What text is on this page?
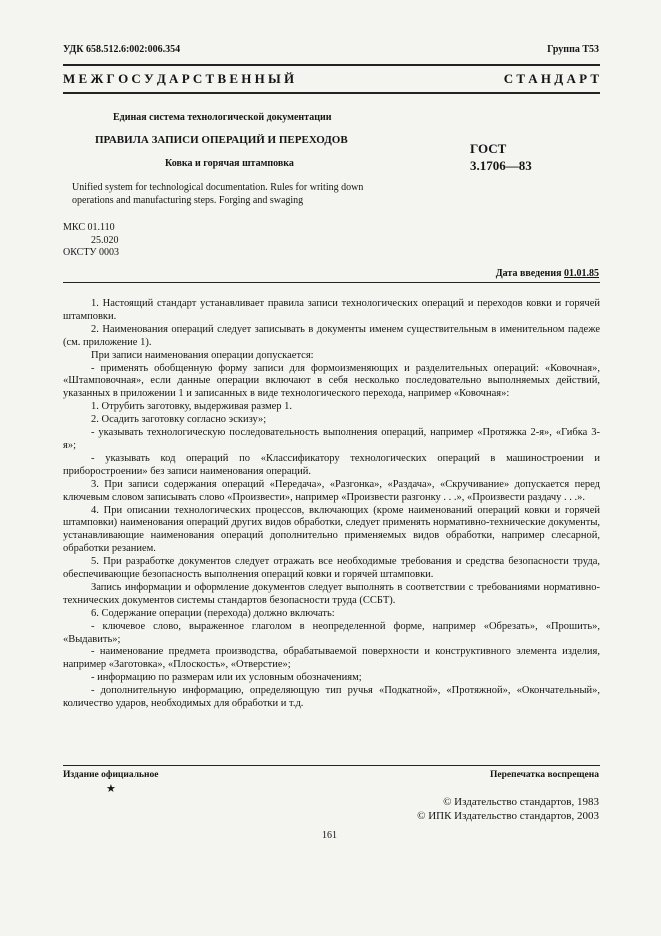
УДК 658.512.6:002:006.354	Группа Т53
М Е Ж Г О С У Д А Р С Т В Е Н Н Ы Й	С Т А Н Д А Р Т
Единая система технологической документации
ПРАВИЛА ЗАПИСИ ОПЕРАЦИЙ И ПЕРЕХОДОВ
ГОСТ
3.1706—83
Ковка и горячая штамповка
Unified system for technological documentation. Rules for writing down
operations and manufacturing steps. Forging and swaging
МКС 01.110
25.020
ОКСТУ 0003
Дата введения 01.01.85

1. Настоящий стандарт устанавливает правила записи технологических операций и переходов ковки и горячей штамповки.

2. Наименования операций следует записывать в документы именем существительным в именительном падеже (см. приложение 1).

При записи наименования операции допускается:

- применять обобщенную форму записи для формоизменяющих и разделительных операций: «Ковочная», «Штамповочная», если данные операции включают в себя несколько последовательно выполняемых действий, указанных в приложении 1 и записанных в виде технологического перехода, например «Ковочная»:

1. Отрубить заготовку, выдерживая размер 1.

2. Осадить заготовку согласно эскизу»;

- указывать технологическую последовательность выполнения операций, например «Протяжка 2-я», «Гибка 3-я»;

- указывать код операций по «Классификатору технологических операций в машиностроении и приборостроении» без записи наименования операций.

3. При записи содержания операций «Передача», «Разгонка», «Раздача», «Скручивание» допускается перед ключевым словом записывать слово «Произвести», например «Произвести разгонку . . .», «Произвести раздачу . . .».

4. При описании технологических процессов, включающих (кроме наименований операций ковки и горячей штамповки) наименования операций других видов обработки, следует применять нормативно-технические документы, устанавливающие наименования операций дополнительно применяемых видов обработки, например слесарной, обработки резанием.

5. При разработке документов следует отражать все необходимые требования и средства безопасности труда, обеспечивающие безопасность выполнения операций ковки и горячей штамповки.

Запись информации и оформление документов следует выполнять в соответствии с требованиями нормативно-технических документов системы стандартов безопасности труда (ССБТ).

6. Содержание операции (перехода) должно включать:

- ключевое слово, выраженное глаголом в неопределенной форме, например «Обрезать», «Прошить», «Выдавить»;

- наименование предмета производства, обрабатываемой поверхности и конструктивного элемента изделия, например «Заготовка», «Плоскость», «Отверстие»;

- информацию по размерам или их условным обозначениям;

- дополнительную информацию, определяющую тип ручья «Подкатной», «Протяжной», «Окончательный», количество ударов, необходимых для обработки и т.д.

Издание официальное
★
Перепечатка воспрещена
© Издательство стандартов, 1983
© ИПК Издательство стандартов, 2003
161
